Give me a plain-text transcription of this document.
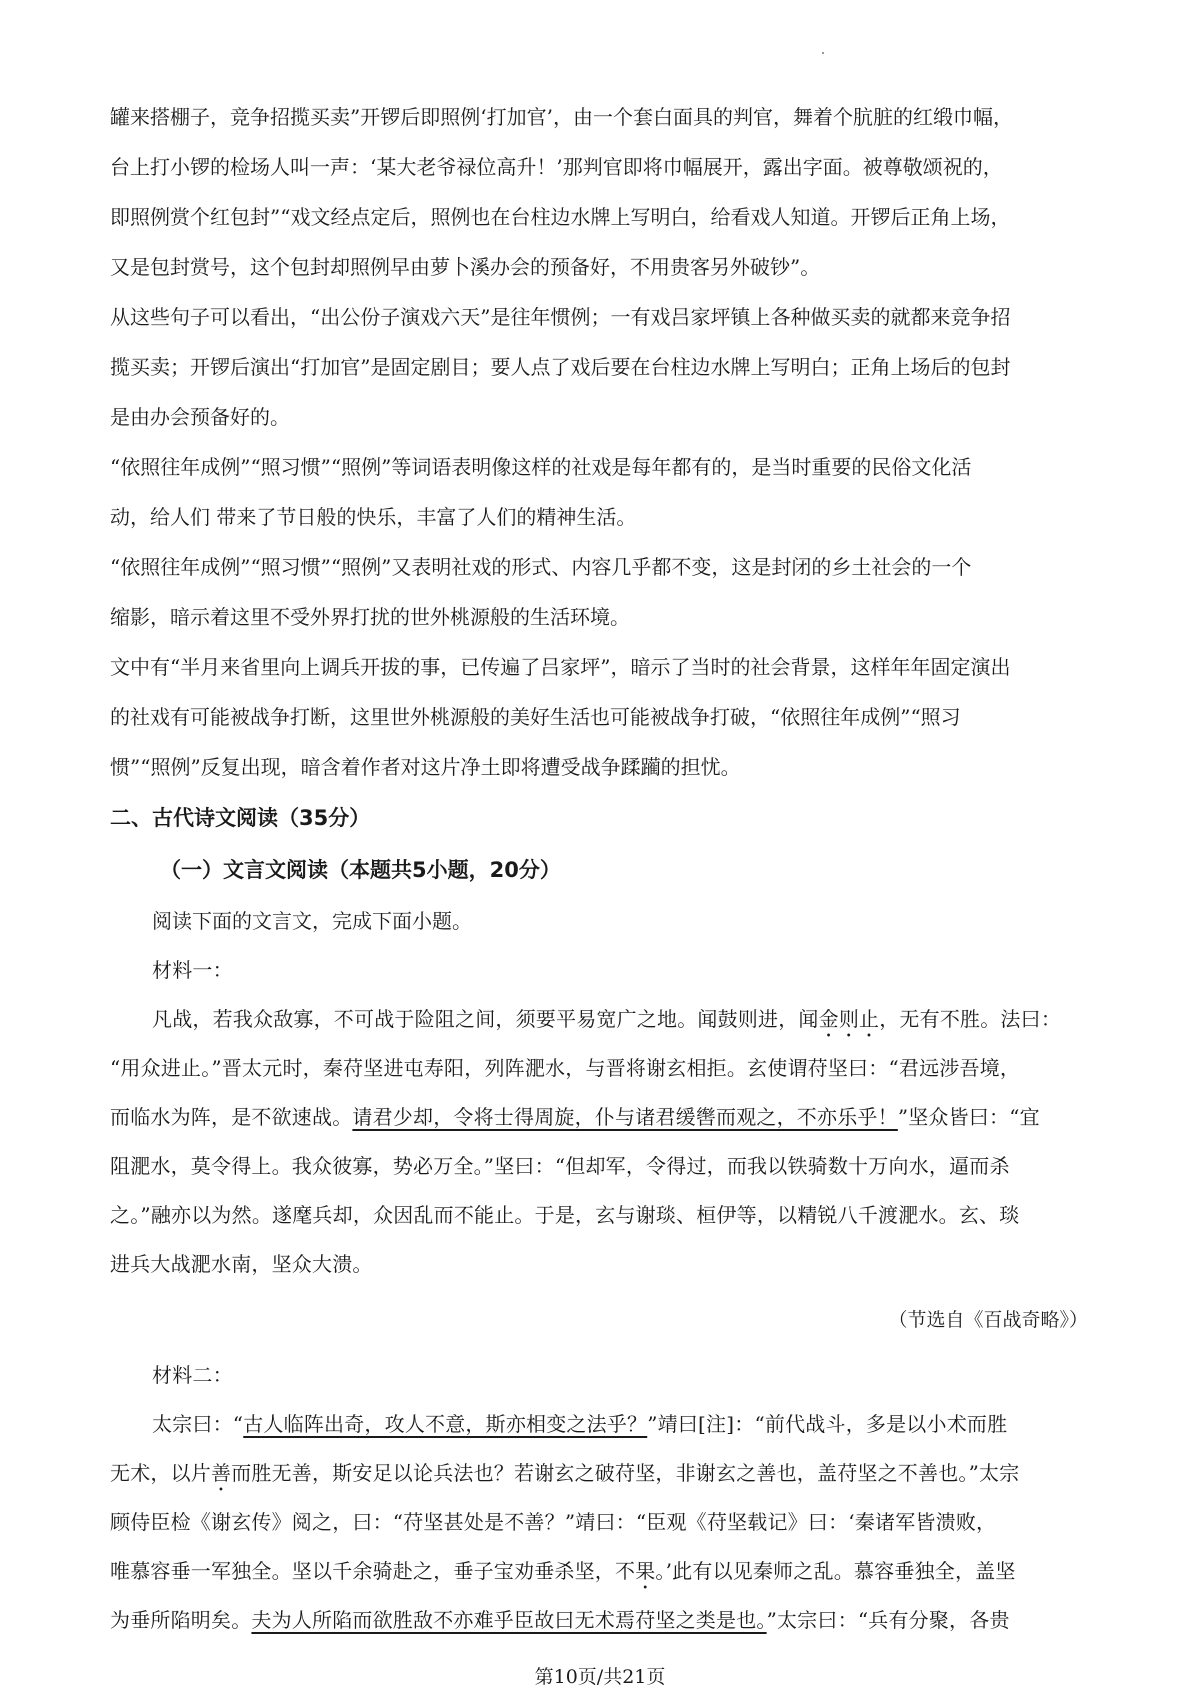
罐来搭棚子，竞争招揽买卖”开锣后即照例‘打加官’，由一个套白面具的判官，舞着个肮脏的红缎巾幅，
台上打小锣的检场人叫一声：‘某大老爷禄位高升！’那判官即将巾幅展开，露出字面。被尊敬颂祝的，
即照例赏个红包封”“戏文经点定后，照例也在台柱边水牌上写明白，给看戏人知道。开锣后正角上场，
又是包封赏号，这个包封却照例早由萝卜溪办会的预备好，不用贵客另外破钞”。
从这些句子可以看出，“出公份子演戏六天”是往年惯例；一有戏吕家坪镇上各种做买卖的就都来竞争招
揽买卖；开锣后演出“打加官”是固定剧目；要人点了戏后要在台柱边水牌上写明白；正角上场后的包封
是由办会预备好的。
“依照往年成例”“照习惯”“照例”等词语表明像这样的社戏是每年都有的，是当时重要的民俗文化活
动，给人们 带来了节日般的快乐，丰富了人们的精神生活。
“依照往年成例”“照习惯”“照例”又表明社戏的形式、内容几乎都不变，这是封闭的乡土社会的一个
缩影，暗示着这里不受外界打扰的世外桃源般的生活环境。
文中有“半月来省里向上调兵开拔的事，已传遍了吕家坪”，暗示了当时的社会背景，这样年年固定演出
的社戏有可能被战争打断，这里世外桃源般的美好生活也可能被战争打破，“依照往年成例”“照习
惯”“照例”反复出现，暗含着作者对这片净土即将遭受战争蹂躏的担忧。
二、古代诗文阅读（35分）
（一）文言文阅读（本题共5小题，20分）
阅读下面的文言文，完成下面小题。
材料一：
凡战，若我众敌寡，不可战于险阻之间，须要平易宽广之地。闻鼓则进，闻金则止，无有不胜。法曰：
“用众进止。”晋太元时，秦苻坚进屯寿阳，列阵淝水，与晋将谢玄相拒。玄使谓苻坚曰：“君远涉吾境，
而临水为阵，是不欲速战。请君少却，令将士得周旋，仆与诸君缓辔而观之，不亦乐乎！”坚众皆曰：“宜
阻淝水，莫令得上。我众彼寡，势必万全。”坚曰：“但却军，令得过，而我以铁骑数十万向水，逼而杀
之。”融亦以为然。遂麾兵却，众因乱而不能止。于是，玄与谢琰、桓伊等，以精锐八千渡淝水。玄、琰
进兵大战淝水南，坚众大溃。
（节选自《百战奇略》）
材料二：
太宗曰：“古人临阵出奇，攻人不意，斯亦相变之法乎？”靖曰[注]：“前代战斗，多是以小术而胜
无术，以片善而胜无善，斯安足以论兵法也？若谢玄之破苻坚，非谢玄之善也，盖苻坚之不善也。”太宗
顾侍臣检《谢玄传》阅之，曰：“苻坚甚处是不善？”靖曰：“臣观《苻坚载记》曰：‘秦诸军皆溃败，
唯慕容垂一军独全。坚以千余骑赴之，垂子宝劝垂杀坚，不果。’此有以见秦师之乱。慕容垂独全，盖坚
为垂所陷明矣。夫为人所陷而欲胜敌不亦难乎臣故曰无术焉苻坚之类是也。”太宗曰：“兵有分聚，各贵
第10页/共21页
